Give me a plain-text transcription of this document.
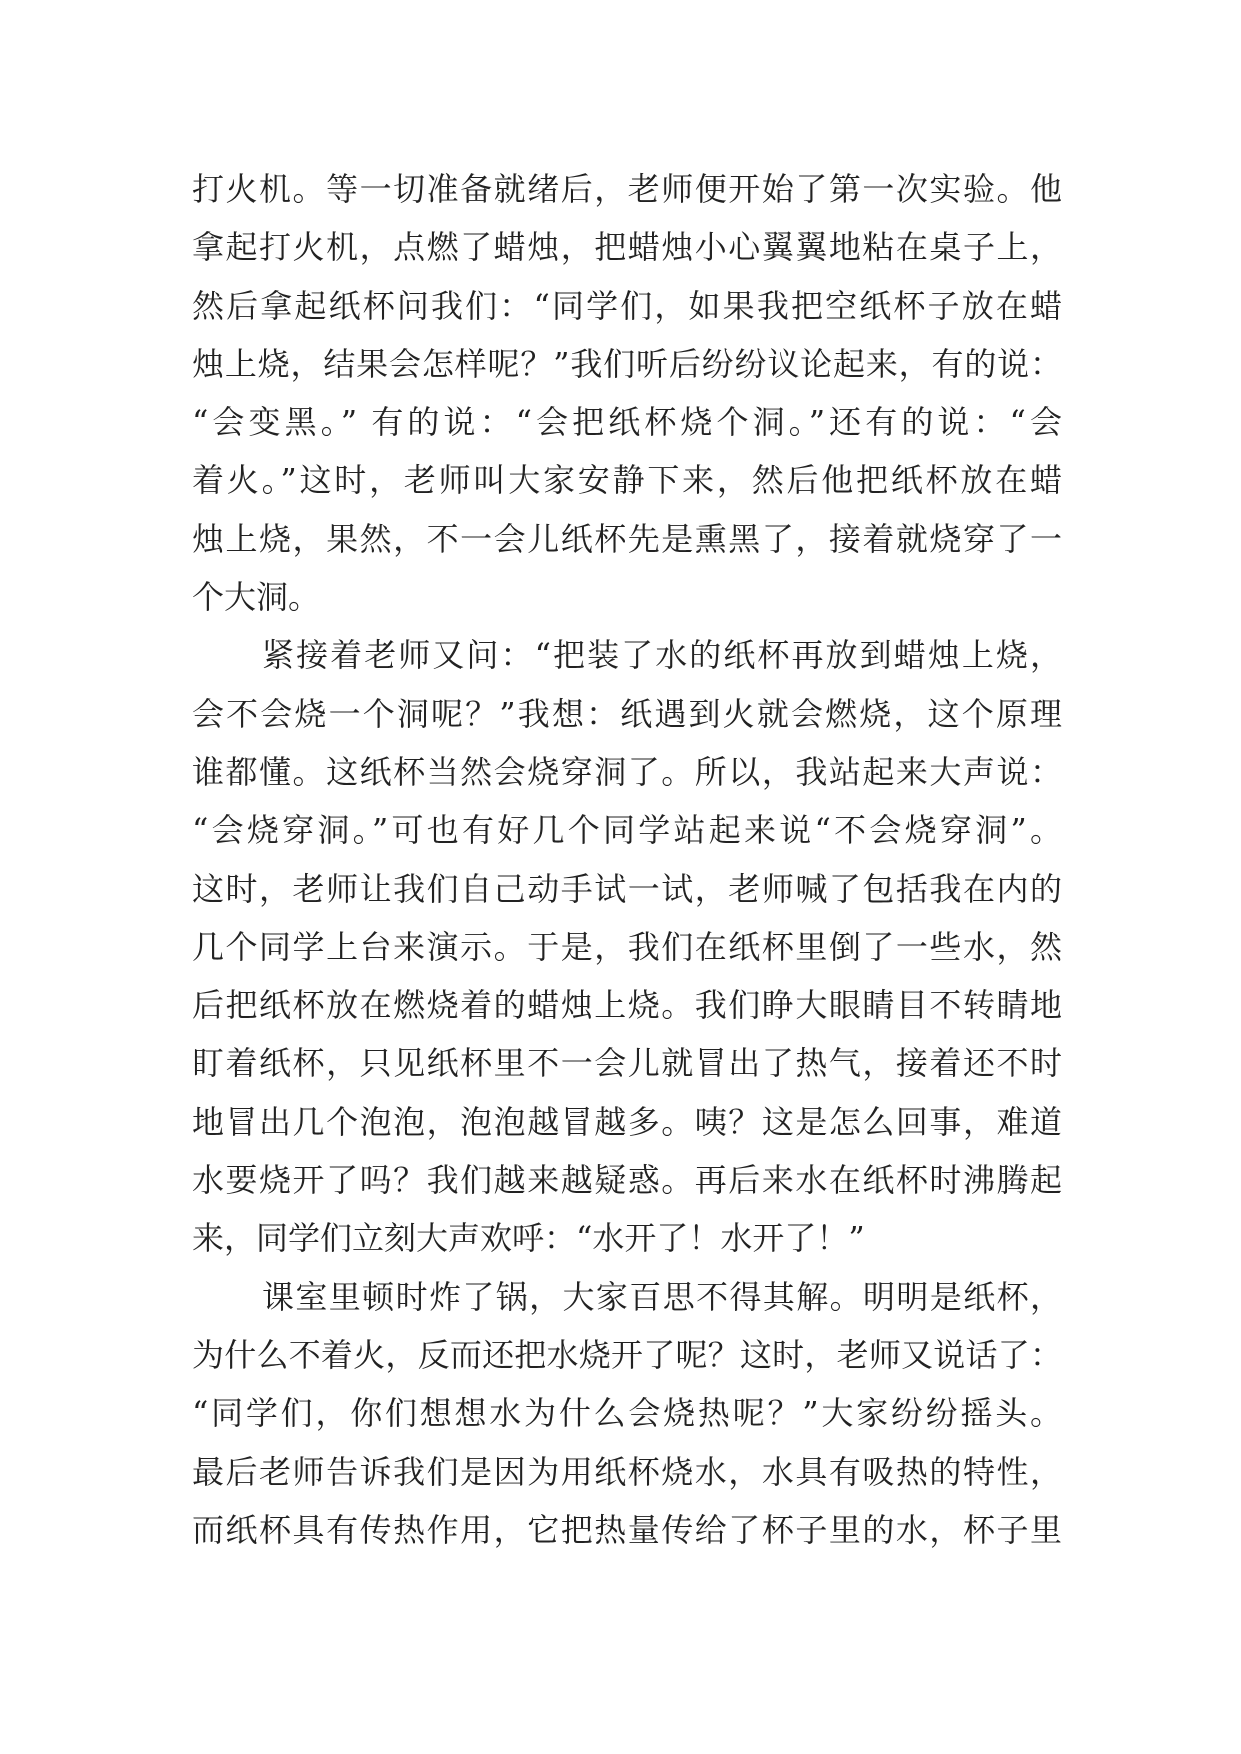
打火机。等一切准备就绪后，老师便开始了第一次实验。他
拿起打火机，点燃了蜡烛，把蜡烛小心翼翼地粘在桌子上，
然后拿起纸杯问我们：“同学们，如果我把空纸杯子放在蜡
烛上烧，结果会怎样呢？”我们听后纷纷议论起来，有的说：
“会变黑。” 有的说：“会把纸杯烧个洞。”还有的说：“会
着火。”这时，老师叫大家安静下来，然后他把纸杯放在蜡
烛上烧，果然，不一会儿纸杯先是熏黑了，接着就烧穿了一
个大洞。
紧接着老师又问：“把装了水的纸杯再放到蜡烛上烧，
会不会烧一个洞呢？”我想：纸遇到火就会燃烧，这个原理
谁都懂。这纸杯当然会烧穿洞了。所以，我站起来大声说：
“会烧穿洞。”可也有好几个同学站起来说“不会烧穿洞”。
这时，老师让我们自己动手试一试，老师喊了包括我在内的
几个同学上台来演示。于是，我们在纸杯里倒了一些水，然
后把纸杯放在燃烧着的蜡烛上烧。我们睁大眼睛目不转睛地
盯着纸杯，只见纸杯里不一会儿就冒出了热气，接着还不时
地冒出几个泡泡，泡泡越冒越多。咦？这是怎么回事，难道
水要烧开了吗？我们越来越疑惑。再后来水在纸杯时沸腾起
来，同学们立刻大声欢呼：“水开了！水开了！”
课室里顿时炸了锅，大家百思不得其解。明明是纸杯，
为什么不着火，反而还把水烧开了呢？这时，老师又说话了：
“同学们，你们想想水为什么会烧热呢？”大家纷纷摇头。
最后老师告诉我们是因为用纸杯烧水，水具有吸热的特性，
而纸杯具有传热作用，它把热量传给了杯子里的水，杯子里
